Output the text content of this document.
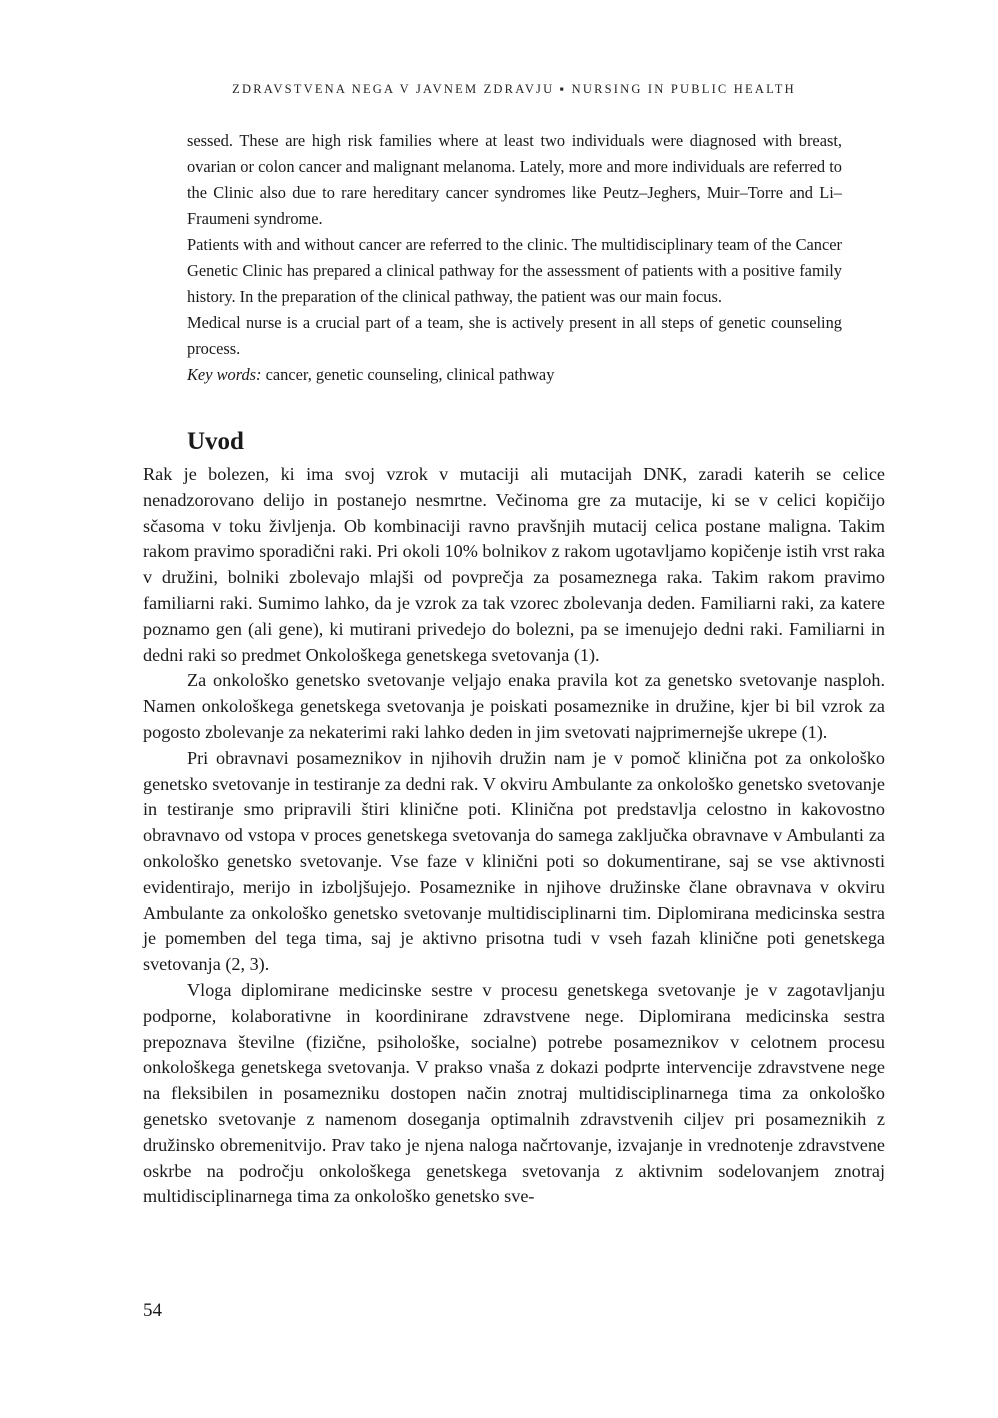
ZDRAVSTVENA NEGA V JAVNEM ZDRAVJU ▪ NURSING IN PUBLIC HEALTH

sessed. These are high risk families where at least two individuals were diagnosed with breast, ovarian or colon cancer and malignant melanoma. Lately, more and more individuals are referred to the Clinic also due to rare hereditary cancer syndromes like Peutz–Jeghers, Muir–Torre and Li–Fraumeni syndrome.

Patients with and without cancer are referred to the clinic. The multidisciplinary team of the Cancer Genetic Clinic has prepared a clinical pathway for the assessment of patients with a positive family history. In the preparation of the clinical pathway, the patient was our main focus.

Medical nurse is a crucial part of a team, she is actively present in all steps of genetic counseling process.

Key words: cancer, genetic counseling, clinical pathway

Uvod

Rak je bolezen, ki ima svoj vzrok v mutaciji ali mutacijah DNK, zaradi katerih se celice nenadzorovano delijo in postanejo nesmrtne. Večinoma gre za mutacije, ki se v celici kopičijo sčasoma v toku življenja. Ob kombinaciji ravno pravšnjih mutacij celica postane maligna. Takim rakom pravimo sporadični raki. Pri okoli 10% bolnikov z rakom ugotavljamo kopičenje istih vrst raka v družini, bolniki zbolevajo mlajši od povprečja za posameznega raka. Takim rakom pravimo familiarni raki. Sumimo lahko, da je vzrok za tak vzorec zbolevanja deden. Familiarni raki, za katere poznamo gen (ali gene), ki mutirani privedejo do bolezni, pa se imenujejo dedni raki. Familiarni in dedni raki so predmet Onkološkega genetskega svetovanja (1).

Za onkološko genetsko svetovanje veljajo enaka pravila kot za genetsko svetovanje nasploh. Namen onkološkega genetskega svetovanja je poiskati posameznike in družine, kjer bi bil vzrok za pogosto zbolevanje za nekaterimi raki lahko deden in jim svetovati najprimernejše ukrepe (1).

Pri obravnavi posameznikov in njihovih družin nam je v pomoč klinična pot za onkološko genetsko svetovanje in testiranje za dedni rak. V okviru Ambulante za onkološko genetsko svetovanje in testiranje smo pripravili štiri klinične poti. Klinična pot predstavlja celostno in kakovostno obravnavo od vstopa v proces genetskega svetovanja do samega zaključka obravnave v Ambulanti za onkološko genetsko svetovanje. Vse faze v klinični poti so dokumentirane, saj se vse aktivnosti evidentirajo, merijo in izboljšujejo. Posameznike in njihove družinske člane obravnava v okviru Ambulante za onkološko genetsko svetovanje multidisciplinarni tim. Diplomirana medicinska sestra je pomemben del tega tima, saj je aktivno prisotna tudi v vseh fazah klinične poti genetskega svetovanja (2, 3).

Vloga diplomirane medicinske sestre v procesu genetskega svetovanje je v zagotavljanju podporne, kolaborativne in koordinirane zdravstvene nege. Diplomirana medicinska sestra prepoznava številne (fizične, psihološke, socialne) potrebe posameznikov v celotnem procesu onkološkega genetskega svetovanja. V prakso vnaša z dokazi podprte intervencije zdravstvene nege na fleksibilen in posamezniku dostopen način znotraj multidisciplinarnega tima za onkološko genetsko svetovanje z namenom doseganja optimalnih zdravstvenih ciljev pri posameznikih z družinsko obremenitvijo. Prav tako je njena naloga načrtovanje, izvajanje in vrednotenje zdravstvene oskrbe na področju onkološkega genetskega svetovanja z aktivnim sodelovanjem znotraj multidisciplinarnega tima za onkološko genetsko sve-

54
